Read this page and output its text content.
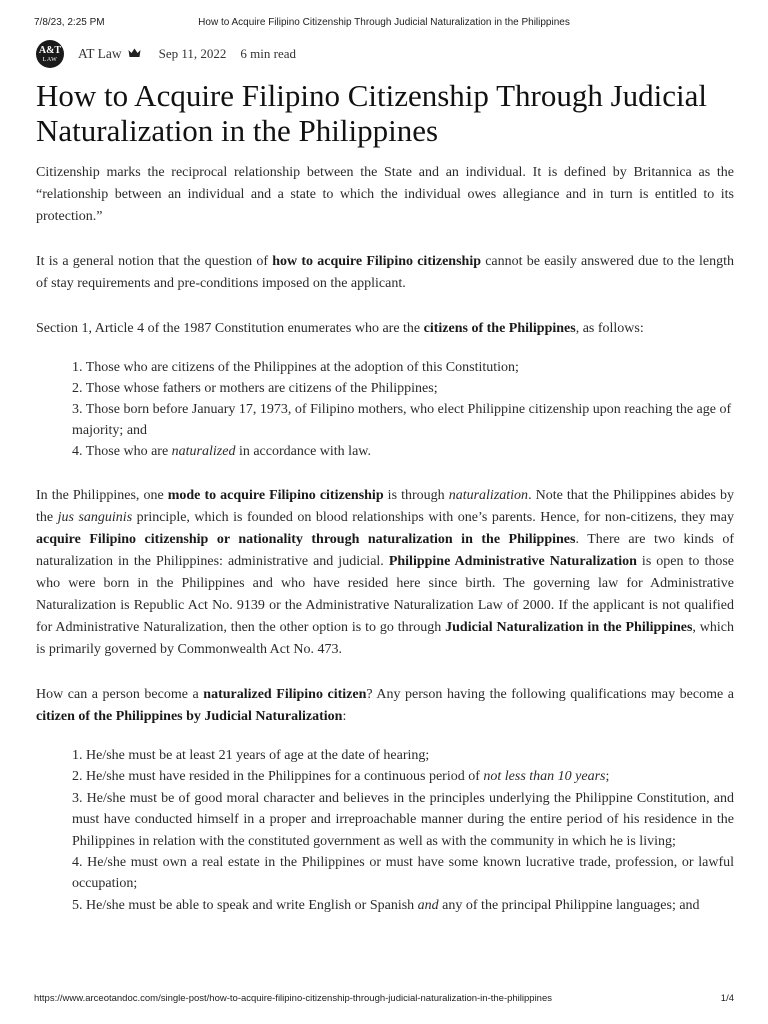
7/8/23, 2:25 PM	How to Acquire Filipino Citizenship Through Judicial Naturalization in the Philippines
A&T
LAW AT Law	Sep 11, 2022 6 min read
How to Acquire Filipino Citizenship Through Judicial Naturalization in the Philippines

Citizenship marks the reciprocal relationship between the State and an individual. It is defined by Britannica as the “relationship between an individual and a state to which the individual owes allegiance and in turn is entitled to its protection.”

It is a general notion that the question of how to acquire Filipino citizenship cannot be easily answered due to the length of stay requirements and pre-conditions imposed on the applicant.

Section 1, Article 4 of the 1987 Constitution enumerates who are the citizens of the Philippines, as follows:

1. Those who are citizens of the Philippines at the adoption of this Constitution;
2. Those whose fathers or mothers are citizens of the Philippines;
3. Those born before January 17, 1973, of Filipino mothers, who elect Philippine citizenship upon reaching the age of majority; and
4. Those who are naturalized in accordance with law.

In the Philippines, one mode to acquire Filipino citizenship is through naturalization. Note that the Philippines abides by the jus sanguinis principle, which is founded on blood relationships with one’s parents. Hence, for non-citizens, they may acquire Filipino citizenship or nationality through naturalization in the Philippines. There are two kinds of naturalization in the Philippines: administrative and judicial. Philippine Administrative Naturalization is open to those who were born in the Philippines and who have resided here since birth. The governing law for Administrative Naturalization is Republic Act No. 9139 or the Administrative Naturalization Law of 2000. If the applicant is not qualified for Administrative Naturalization, then the other option is to go through Judicial Naturalization in the Philippines, which is primarily governed by Commonwealth Act No. 473.

How can a person become a naturalized Filipino citizen? Any person having the following qualifications may become a citizen of the Philippines by Judicial Naturalization:

1. He/she must be at least 21 years of age at the date of hearing;
2. He/she must have resided in the Philippines for a continuous period of not less than 10 years;
3. He/she must be of good moral character and believes in the principles underlying the Philippine Constitution, and must have conducted himself in a proper and irreproachable manner during the entire period of his residence in the Philippines in relation with the constituted government as well as with the community in which he is living;
4. He/she must own a real estate in the Philippines or must have some known lucrative trade, profession, or lawful occupation;
5. He/she must be able to speak and write English or Spanish and any of the principal Philippine languages; and
https://www.arceotandoc.com/single-post/how-to-acquire-filipino-citizenship-through-judicial-naturalization-in-the-philippines	1/4
